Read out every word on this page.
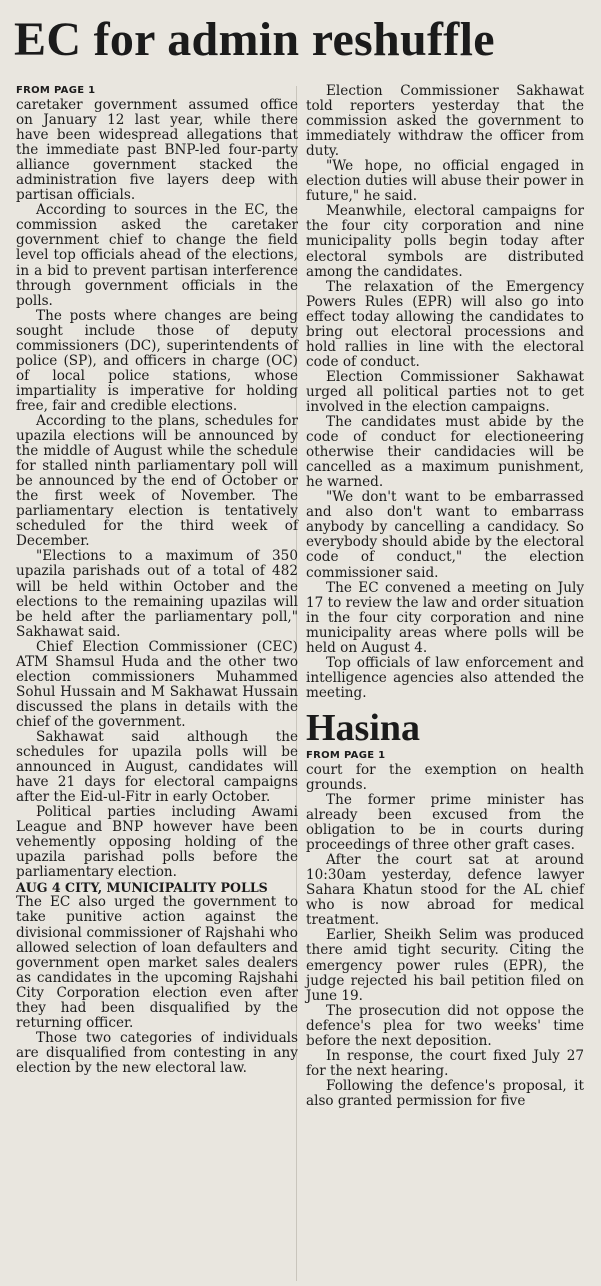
EC for admin reshuffle
FROM PAGE 1

caretaker government assumed office on January 12 last year, while there have been widespread allegations that the immediate past BNP-led four-party alliance government stacked the administration five layers deep with partisan officials.

According to sources in the EC, the commission asked the caretaker government chief to change the field level top officials ahead of the elections, in a bid to prevent partisan interference through government officials in the polls.

The posts where changes are being sought include those of deputy commissioners (DC), superintendents of police (SP), and officers in charge (OC) of local police stations, whose impartiality is imperative for holding free, fair and credible elections.

According to the plans, schedules for upazila elections will be announced by the middle of August while the schedule for stalled ninth parliamentary poll will be announced by the end of October or the first week of November. The parliamentary election is tentatively scheduled for the third week of December.

"Elections to a maximum of 350 upazila parishads out of a total of 482 will be held within October and the elections to the remaining upazilas will be held after the parliamentary poll," Sakhawat said.

Chief Election Commissioner (CEC) ATM Shamsul Huda and the other two election commissioners Muhammed Sohul Hussain and M Sakhawat Hussain discussed the plans in details with the chief of the government.

Sakhawat said although the schedules for upazila polls will be announced in August, candidates will have 21 days for electoral campaigns after the Eid-ul-Fitr in early October.

Political parties including Awami League and BNP however have been vehemently opposing holding of the upazila parishad polls before the parliamentary election.

AUG 4 CITY, MUNICIPALITY POLLS

The EC also urged the government to take punitive action against the divisional commissioner of Rajshahi who allowed selection of loan defaulters and government open market sales dealers as candidates in the upcoming Rajshahi City Corporation election even after they had been disqualified by the returning officer.

Those two categories of individuals are disqualified from contesting in any election by the new electoral law.

Election Commissioner Sakhawat told reporters yesterday that the commission asked the government to immediately withdraw the officer from duty.

"We hope, no official engaged in election duties will abuse their power in future," he said.

Meanwhile, electoral campaigns for the four city corporation and nine municipality polls begin today after electoral symbols are distributed among the candidates.

The relaxation of the Emergency Powers Rules (EPR) will also go into effect today allowing the candidates to bring out electoral processions and hold rallies in line with the electoral code of conduct.

Election Commissioner Sakhawat urged all political parties not to get involved in the election campaigns.

The candidates must abide by the code of conduct for electioneering otherwise their candidacies will be cancelled as a maximum punishment, he warned.

"We don't want to be embarrassed and also don't want to embarrass anybody by cancelling a candidacy. So everybody should abide by the electoral code of conduct," the election commissioner said.

The EC convened a meeting on July 17 to review the law and order situation in the four city corporation and nine municipality areas where polls will be held on August 4.

Top officials of law enforcement and intelligence agencies also attended the meeting.

Hasina
FROM PAGE 1

court for the exemption on health grounds.

The former prime minister has already been excused from the obligation to be in courts during proceedings of three other graft cases.

After the court sat at around 10:30am yesterday, defence lawyer Sahara Khatun stood for the AL chief who is now abroad for medical treatment.

Earlier, Sheikh Selim was produced there amid tight security. Citing the emergency power rules (EPR), the judge rejected his bail petition filed on June 19.

The prosecution did not oppose the defence's plea for two weeks' time before the next deposition.

In response, the court fixed July 27 for the next hearing.

Following the defence's proposal, it also granted permission for five
